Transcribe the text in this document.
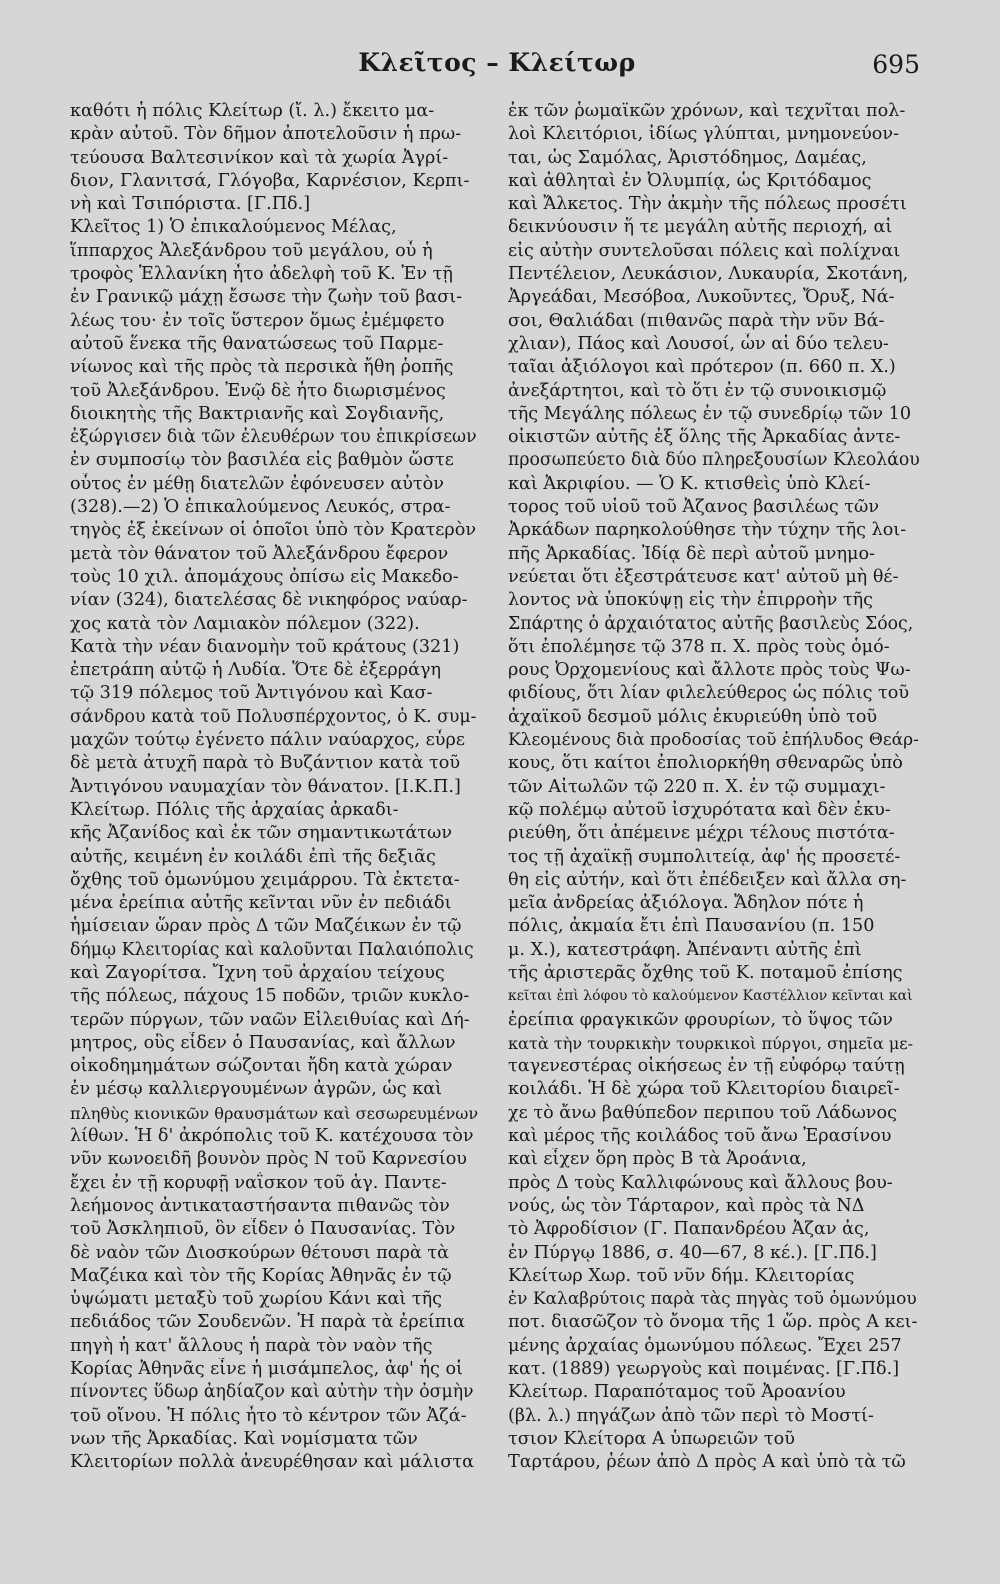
Κλεῖτος – Κλείτωρ	695
καθότι ἡ πόλις Κλείτωρ (ἴ. λ.) ἔκειτο μα-
κρὰν αὐτοῦ. Τὸν δῆμον ἀποτελοῦσιν ἡ πρω-
τεύουσα Βαλτεσινίκον καὶ τὰ χωρία Ἀγρί-
διον, Γλανιτσά, Γλόγοβα, Καρνέσιον, Κερπι-
νὴ καὶ Τσιπόριστα. [Γ.Πδ.]
Κλεῖτος 1) Ὁ ἐπικαλούμενος Μέλας,
ἵππαρχος Ἀλεξάνδρου τοῦ μεγάλου, οὗ ἡ
τροφὸς Ἑλλανίκη ἦτο ἀδελφὴ τοῦ Κ. Ἐν τῇ
ἐν Γρανικῷ μάχῃ ἔσωσε τὴν ζωὴν τοῦ βασι-
λέως του· ἐν τοῖς ὕστερον ὅμως ἐμέμφετο
αὐτοῦ ἕνεκα τῆς θανατώσεως τοῦ Παρμε-
νίωνος καὶ τῆς πρὸς τὰ περσικὰ ἤθη ῥοπῆς
τοῦ Ἀλεξάνδρου. Ἐνῷ δὲ ἦτο διωρισμένος
διοικητὴς τῆς Βακτριανῆς καὶ Σογδιανῆς,
ἐξώργισεν διὰ τῶν ἐλευθέρων του ἐπικρίσεων
ἐν συμποσίῳ τὸν βασιλέα εἰς βαθμὸν ὥστε
οὗτος ἐν μέθῃ διατελῶν ἐφόνευσεν αὐτὸν
(328).—2) Ὁ ἐπικαλούμενος Λευκός, στρα-
τηγὸς ἐξ ἐκείνων οἱ ὁποῖοι ὑπὸ τὸν Κρατερὸν
μετὰ τὸν θάνατον τοῦ Ἀλεξάνδρου ἔφερον
τοὺς 10 χιλ. ἀπομάχους ὀπίσω εἰς Μακεδο-
νίαν (324), διατελέσας δὲ νικηφόρος ναύαρ-
χος κατὰ τὸν Λαμιακὸν πόλεμον (322).
Κατὰ τὴν νέαν διανομὴν τοῦ κράτους (321)
ἐπετράπη αὐτῷ ἡ Λυδία. Ὅτε δὲ ἐξερράγη
τῷ 319 πόλεμος τοῦ Ἀντιγόνου καὶ Κασ-
σάνδρου κατὰ τοῦ Πολυσπέρχοντος, ὁ Κ. συμ-
μαχῶν τούτῳ ἐγένετο πάλιν ναύαρχος, εὗρε
δὲ μετὰ ἀτυχῆ παρὰ τὸ Βυζάντιον κατὰ τοῦ
Ἀντιγόνου ναυμαχίαν τὸν θάνατον. [Ι.Κ.Π.]
Κλείτωρ. Πόλις τῆς ἀρχαίας ἀρκαδι-
κῆς Ἀζανίδος καὶ ἐκ τῶν σημαντικωτάτων
αὐτῆς, κειμένη ἐν κοιλάδι ἐπὶ τῆς δεξιᾶς
ὄχθης τοῦ ὁμωνύμου χειμάρρου. Τὰ ἐκτετα-
μένα ἐρείπια αὐτῆς κεῖνται νῦν ἐν πεδιάδι
ἡμίσειαν ὥραν πρὸς Δ τῶν Μαζέικων ἐν τῷ
δήμῳ Κλειτορίας καὶ καλοῦνται Παλαιόπολις
καὶ Ζαγορίτσα. Ἴχνη τοῦ ἀρχαίου τείχους
τῆς πόλεως, πάχους 15 ποδῶν, τριῶν κυκλο-
τερῶν πύργων, τῶν ναῶν Εἰλειθυίας καὶ Δή-
μητρος, οὓς εἶδεν ὁ Παυσανίας, καὶ ἄλλων
οἰκοδημημάτων σώζονται ἤδη κατὰ χώραν
ἐν μέσῳ καλλιεργουμένων ἀγρῶν, ὡς καὶ
πληθὺς κιονικῶν θραυσμάτων καὶ σεσωρευμένων
λίθων. Ἡ δ' ἀκρόπολις τοῦ Κ. κατέχουσα τὸν
νῦν κωνοειδῆ βουνὸν πρὸς Ν τοῦ Καρνεσίου
ἔχει ἐν τῇ κορυφῇ ναΐσκον τοῦ ἁγ. Παντε-
λεήμονος ἀντικαταστήσαντα πιθανῶς τὸν
τοῦ Ἀσκληπιοῦ, ὃν εἶδεν ὁ Παυσανίας. Τὸν
δὲ ναὸν τῶν Διοσκούρων θέτουσι παρὰ τὰ
Μαζέικα καὶ τὸν τῆς Κορίας Ἀθηνᾶς ἐν τῷ
ὑψώματι μεταξὺ τοῦ χωρίου Κάνι καὶ τῆς
πεδιάδος τῶν Σουδενῶν. Ἡ παρὰ τὰ ἐρείπια
πηγὴ ἡ κατ' ἄλλους ἡ παρὰ τὸν ναὸν τῆς
Κορίας Ἀθηνᾶς εἶνε ἡ μισάμπελος, ἀφ' ἧς οἱ
πίνοντες ὕδωρ ἀηδίαζον καὶ αὐτὴν τὴν ὀσμὴν
τοῦ οἴνου. Ἡ πόλις ἦτο τὸ κέντρον τῶν Ἀζά-
νων τῆς Ἀρκαδίας. Καὶ νομίσματα τῶν
Κλειτορίων πολλὰ ἀνευρέθησαν καὶ μάλιστα
ἐκ τῶν ῥωμαϊκῶν χρόνων, καὶ τεχνῖται πολ-
λοὶ Κλειτόριοι, ἰδίως γλύπται, μνημονεύον-
ται, ὡς Σαμόλας, Ἀριστόδημος, Δαμέας,
καὶ ἀθληταὶ ἐν Ὀλυμπίᾳ, ὡς Κριτόδαμος
καὶ Ἄλκετος. Τὴν ἀκμὴν τῆς πόλεως προσέτι
δεικνύουσιν ἥ τε μεγάλη αὐτῆς περιοχή, αἱ
εἰς αὐτὴν συντελοῦσαι πόλεις καὶ πολίχναι
Πεντέλειον, Λευκάσιον, Λυκαυρία, Σκοτάνη,
Ἀργεάδαι, Μεσόβοα, Λυκοῦντες, Ὄρυξ, Νά-
σοι, Θαλιάδαι (πιθανῶς παρὰ τὴν νῦν Βά-
χλιαν), Πάος καὶ Λουσοί, ὧν αἱ δύο τελευ-
ταῖαι ἀξιόλογοι καὶ πρότερον (π. 660 π. Χ.)
ἀνεξάρτητοι, καὶ τὸ ὅτι ἐν τῷ συνοικισμῷ
τῆς Μεγάλης πόλεως ἐν τῷ συνεδρίῳ τῶν 10
οἰκιστῶν αὐτῆς ἐξ ὅλης τῆς Ἀρκαδίας ἀντε-
προσωπεύετο διὰ δύο πληρεξουσίων Κλεολάου
καὶ Ἀκριφίου. — Ὁ Κ. κτισθεὶς ὑπὸ Κλεί-
τορος τοῦ υἱοῦ τοῦ Ἀζανος βασιλέως τῶν
Ἀρκάδων παρηκολούθησε τὴν τύχην τῆς λοι-
πῆς Ἀρκαδίας. Ἰδίᾳ δὲ περὶ αὐτοῦ μνημο-
νεύεται ὅτι ἐξεστράτευσε κατ' αὐτοῦ μὴ θέ-
λοντος νὰ ὑποκύψῃ εἰς τὴν ἐπιρροὴν τῆς
Σπάρτης ὁ ἀρχαιότατος αὐτῆς βασιλεὺς Σόος,
ὅτι ἐπολέμησε τῷ 378 π. Χ. πρὸς τοὺς ὁμό-
ρους Ὀρχομενίους καὶ ἄλλοτε πρὸς τοὺς Ψω-
φιδίους, ὅτι λίαν φιλελεύθερος ὡς πόλις τοῦ
ἀχαϊκοῦ δεσμοῦ μόλις ἐκυριεύθη ὑπὸ τοῦ
Κλεομένους διὰ προδοσίας τοῦ ἐπήλυδος Θεάρ-
κους, ὅτι καίτοι ἐπολιορκήθη σθεναρῶς ὑπὸ
τῶν Αἰτωλῶν τῷ 220 π. Χ. ἐν τῷ συμμαχι-
κῷ πολέμῳ αὐτοῦ ἰσχυρότατα καὶ δὲν ἐκυ-
ριεύθη, ὅτι ἀπέμεινε μέχρι τέλους πιστότα-
τος τῇ ἀχαϊκῇ συμπολιτείᾳ, ἀφ' ἧς προσετέ-
θη εἰς αὐτήν, καὶ ὅτι ἐπέδειξεν καὶ ἄλλα ση-
μεῖα ἀνδρείας ἀξιόλογα. Ἄδηλον πότε ἡ
πόλις, ἀκμαία ἔτι ἐπὶ Παυσανίου (π. 150
μ. Χ.), κατεστράφη. Ἀπέναντι αὐτῆς ἐπὶ
τῆς ἀριστερᾶς ὄχθης τοῦ Κ. ποταμοῦ ἐπίσης
κεῖται ἐπὶ λόφου τὸ καλούμενον Καστέλλιον κεῖνται καὶ
ἐρείπια φραγκικῶν φρουρίων, τὸ ὕψος τῶν
κατὰ τὴν τουρκικὴν τουρκικοὶ πύργοι, σημεῖα με-
ταγενεστέρας οἰκήσεως ἐν τῇ εὐφόρῳ ταύτῃ
κοιλάδι. Ἡ δὲ χώρα τοῦ Κλειτορίου διαιρεῖ-
χε τὸ ἄνω βαθύπεδον περιπου τοῦ Λάδωνος
καὶ μέρος τῆς κοιλάδος τοῦ ἄνω Ἐρασίνου
καὶ εἶχεν ὅρη πρὸς Β τὰ Ἀροάνια,
πρὸς Δ τοὺς Καλλιφώνους καὶ ἄλλους βου-
νούς, ὡς τὸν Τάρταρον, καὶ πρὸς τὰ ΝΔ
τὸ Ἀφροδίσιον (Γ. Παπανδρέου Ἀζαν ἀς,
ἐν Πύργῳ 1886, σ. 40—67, 8 κέ.). [Γ.Πδ.]
Κλείτωρ Χωρ. τοῦ νῦν δήμ. Κλειτορίας
ἐν Καλαβρύτοις παρὰ τὰς πηγὰς τοῦ ὁμωνύμου
ποτ. διασῶζον τὸ ὄνομα τῆς 1 ὥρ. πρὸς Α κει-
μένης ἀρχαίας ὁμωνύμου πόλεως. Ἔχει 257
κατ. (1889) γεωργοὺς καὶ ποιμένας. [Γ.Πδ.]
Κλείτωρ. Παραπόταμος τοῦ Ἀροανίου
(βλ. λ.) πηγάζων ἀπὸ τῶν περὶ τὸ Μοστί-
τσιον Κλείτορα Α ὑπωρειῶν τοῦ
Ταρτάρου, ῥέων ἀπὸ Δ πρὸς Α καὶ ὑπὸ τὰ τῶ
